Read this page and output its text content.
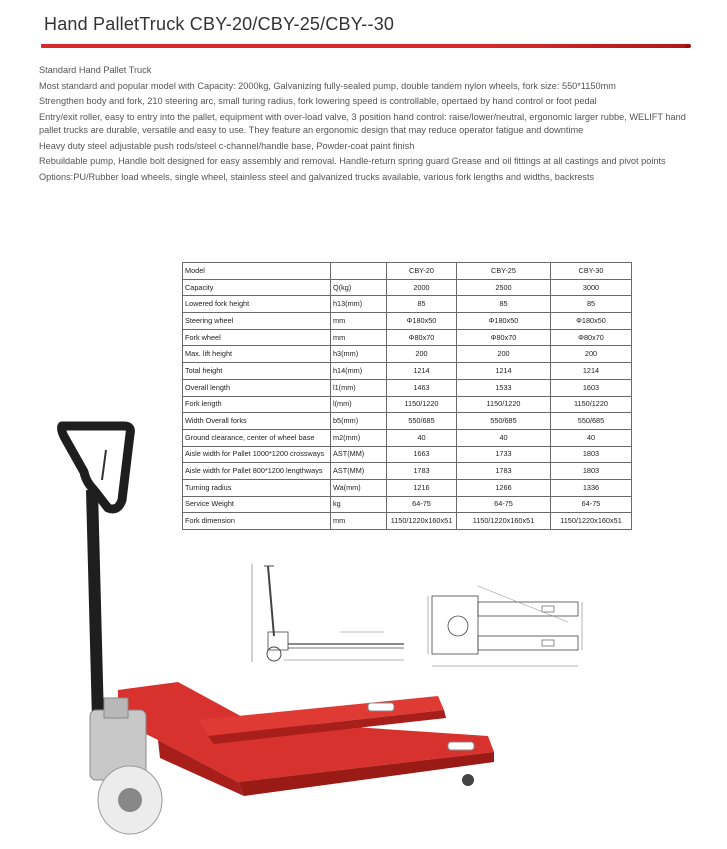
Hand PalletTruck CBY-20/CBY-25/CBY--30

Standard Hand Pallet Truck

Most standard and popular model with Capacity: 2000kg, Galvanizing fully-sealed pump, double tandem nylon wheels, fork size: 550*1150mm

Strengthen body and fork, 210 steering arc, small turing radius, fork lowering speed is controllable, opertaed by hand control or foot pedal

Entry/exit roller, easy to entry into the pallet, equipment with over-load valve, 3 position hand control: raise/lower/neutral, ergonomic larger rubbe, WELIFT hand pallet trucks are durable, versatile and easy to use. They feature an ergonomic design that may reduce operator fatigue and downtime

Heavy duty steel adjustable push rods/steel c-channel/handle base, Powder-coat paint finish

Rebuildable pump, Handle bolt designed for easy assembly and removal. Handle-return spring guard Grease and oil fittings at all castings and pivot points

Options:PU/Rubber load wheels, single wheel, stainless steel and galvanized trucks available, various fork lengths and widths, backrests

Model		CBY-20	CBY-25	CBY-30
Capacity	Q(kg)	2000	2500	3000
Lowered fork height	h13(mm)	85	85	85
Steering wheel	mm	Φ180x50	Φ180x50	Φ180x50
Fork wheel	mm	Φ80x70	Φ80x70	Φ80x70
Max. lift height	h3(mm)	200	200	200
Total height	h14(mm)	1214	1214	1214
Overall length	l1(mm)	1463	1533	1603
Fork length	l(mm)	1150/1220	1150/1220	1150/1220
Width Overall forks	b5(mm)	550/685	550/685	550/685
Ground clearance, center of wheel base	m2(mm)	40	40	40
Aisle width for Pallet 1000*1200 crossways	AST(MM)	1663	1733	1803
Aisle width for Pallet 800*1200 lengthways	AST(MM)	1783	1783	1803
Turning radius	Wa(mm)	1216	1266	1336
Service Weight	kg	64-75	64-75	64-75
Fork dimension	mm	1150/1220x160x51	1150/1220x160x51	1150/1220x160x51
